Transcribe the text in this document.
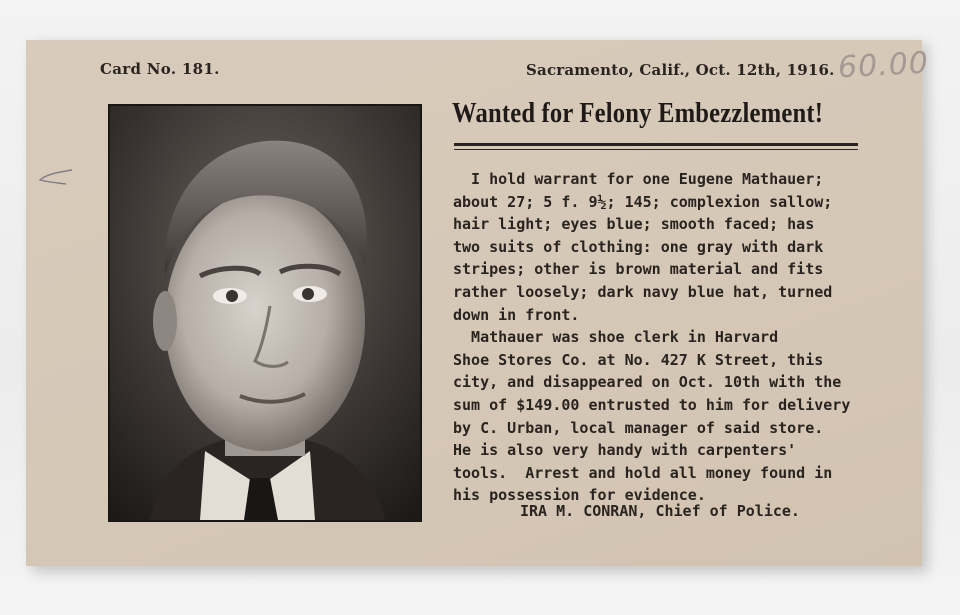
Card No. 181.	Sacramento, Calif., Oct. 12th, 1916. 60.00
Wanted for Felony Embezzlement!
I hold warrant for one Eugene Mathauer;
about 27; 5 f. 9½; 145; complexion sallow;
hair light; eyes blue; smooth faced; has
two suits of clothing: one gray with dark
stripes; other is brown material and fits
rather loosely; dark navy blue hat, turned
down in front.
Mathauer was shoe clerk in Harvard
Shoe Stores Co. at No. 427 K Street, this
city, and disappeared on Oct. 10th with the
sum of $149.00 entrusted to him for delivery
by C. Urban, local manager of said store.
He is also very handy with carpenters'
tools.  Arrest and hold all money found in
his possession for evidence.
IRA M. CONRAN, Chief of Police.
